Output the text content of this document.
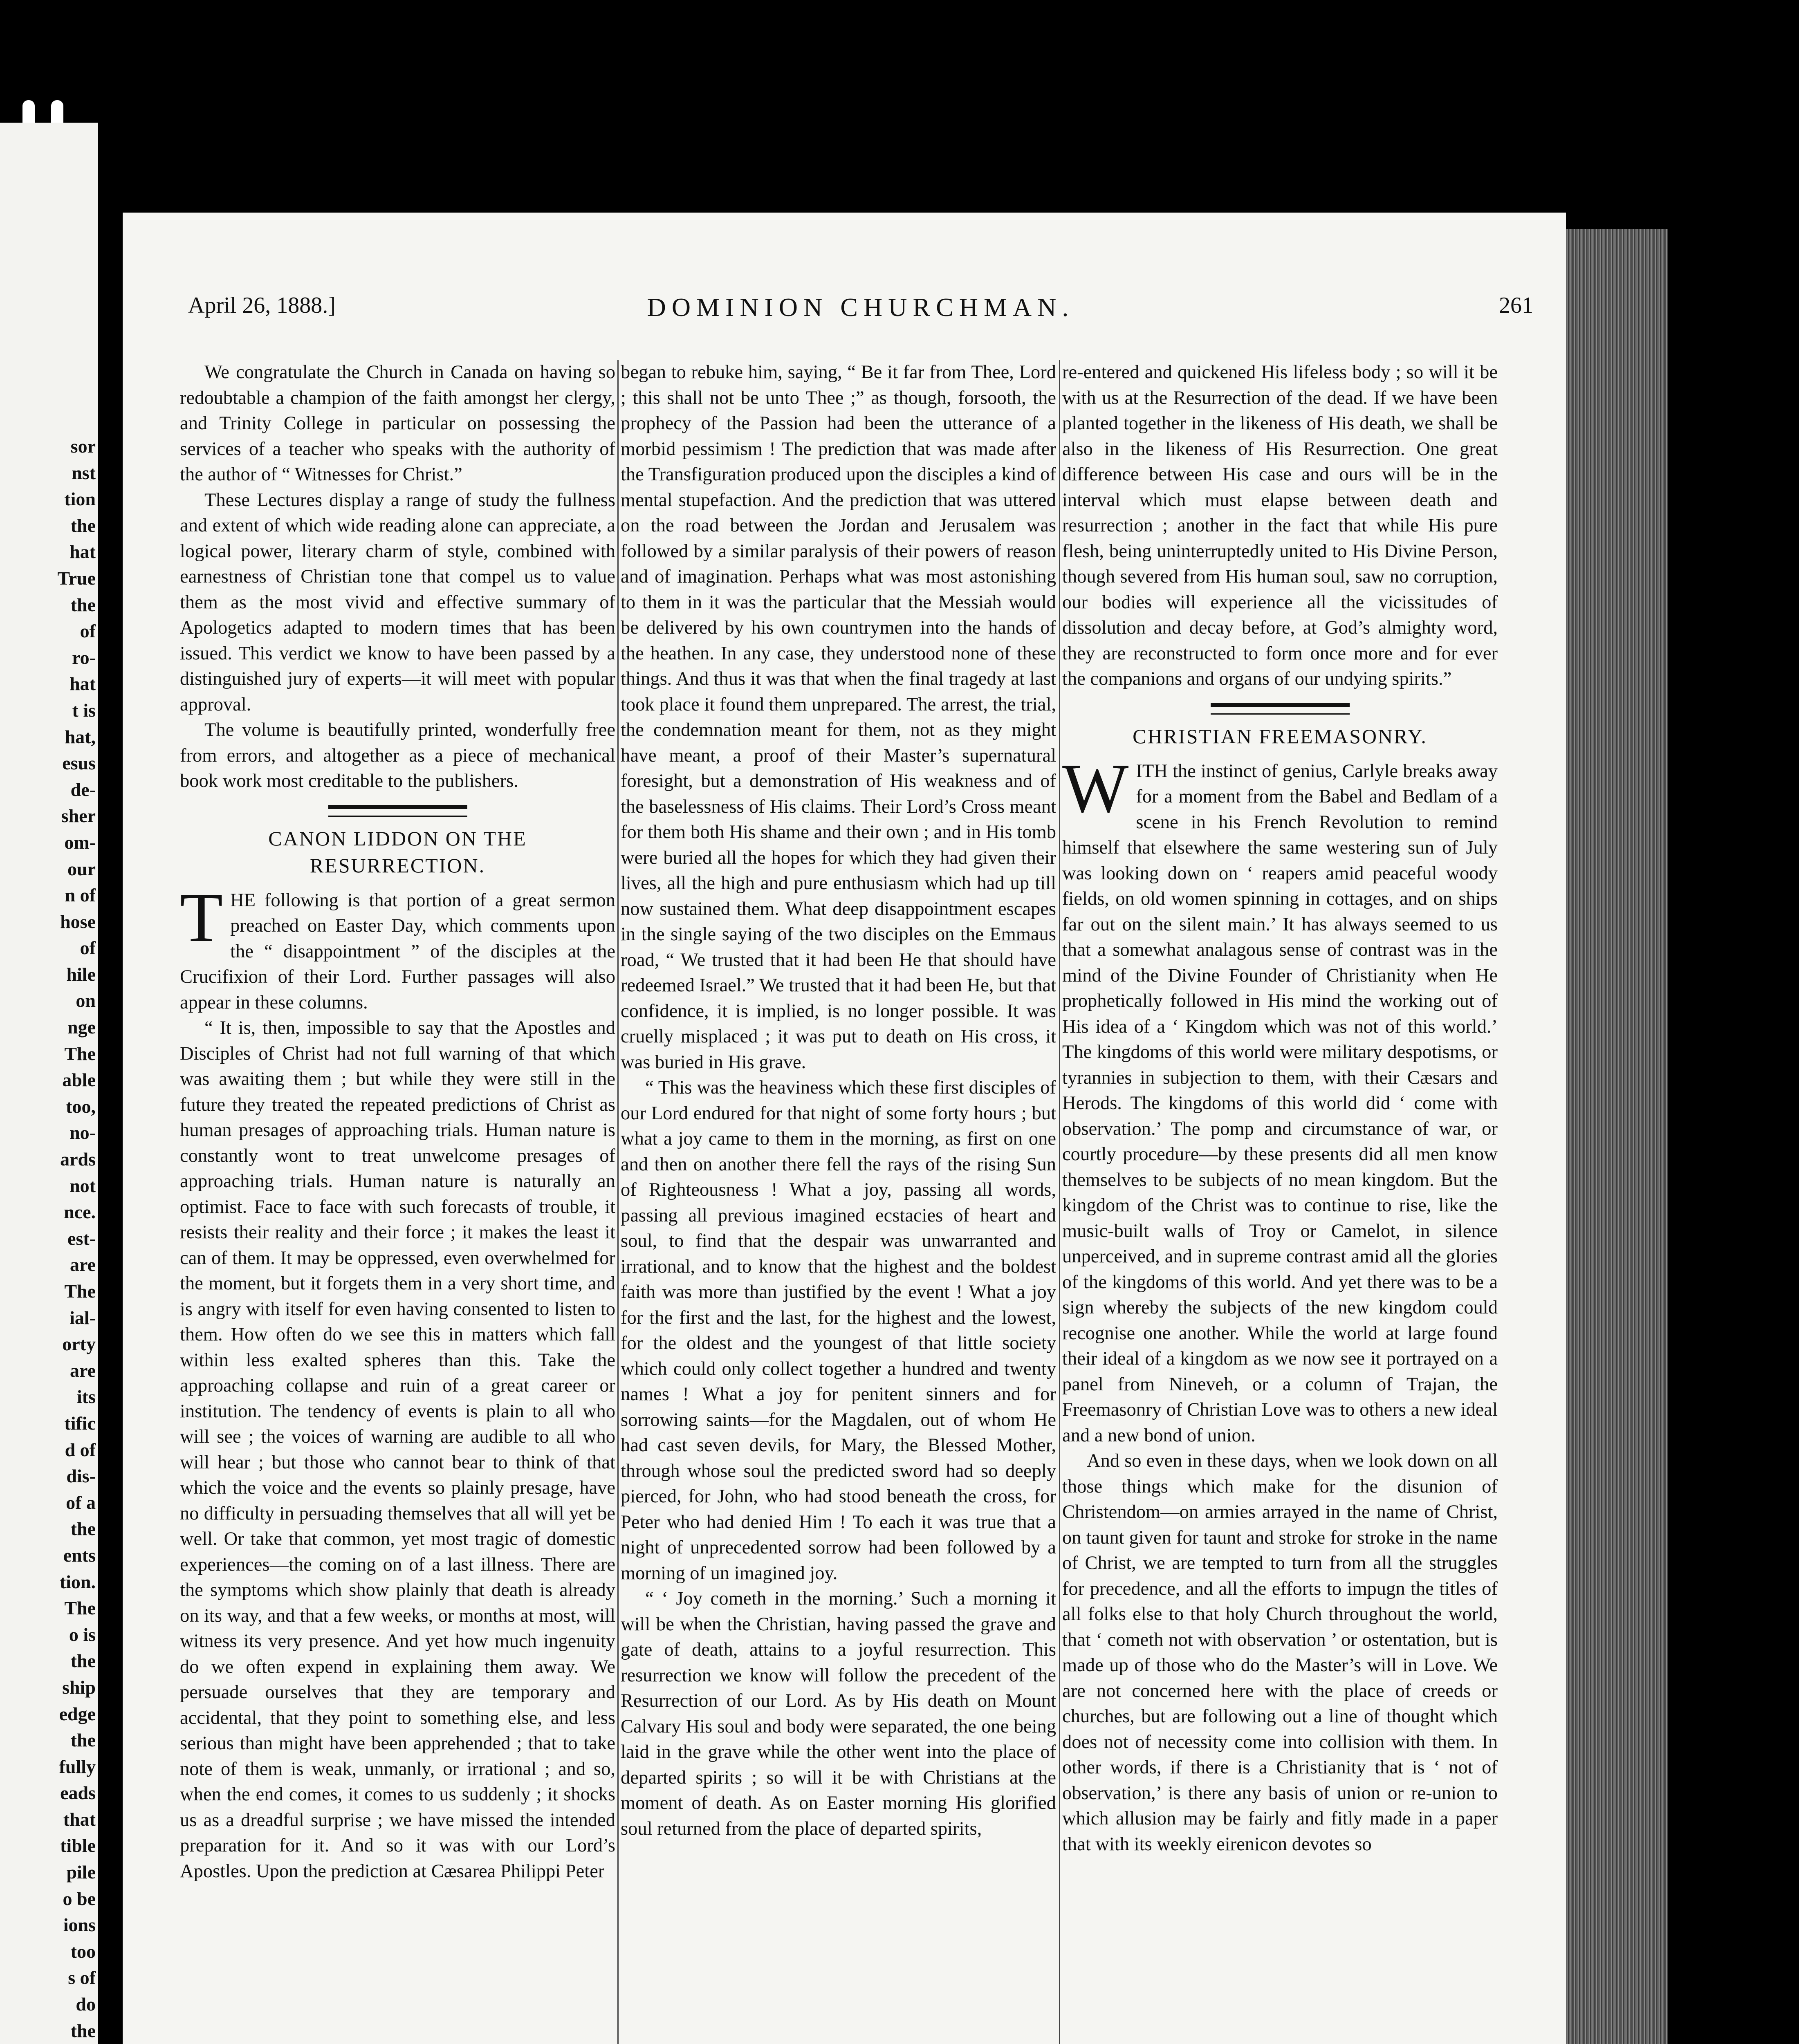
sor
nst
tion
the
hat
True
the
of
ro-
hat
t is
hat,
esus
de-
sher
om-
our
n of
hose
of
hile
on
nge
The
able
too,
no-
ards
not
nce.
est-
are
The
ial-
orty
are
its
tific
d of
dis-
of a
the
ents
tion.
The
o is
the
ship
edge
the
fully
eads
that
tible
pile
o be
ions
too
s of
do
the
DOMINION CHURCHMAN.
April 26, 1888.]	261

We congratulate the Church in Canada on having so redoubtable a champion of the faith amongst her clergy, and Trinity College in particular on possessing the services of a teacher who speaks with the authority of the author of “ Witnesses for Christ.”

These Lectures display a range of study the fullness and extent of which wide reading alone can appreciate, a logical power, literary charm of style, combined with earnestness of Christian tone that compel us to value them as the most vivid and effective summary of Apologetics adapted to modern times that has been issued. This verdict we know to have been passed by a distinguished jury of experts—it will meet with popular approval.

The volume is beautifully printed, wonderfully free from errors, and altogether as a piece of mechanical book work most creditable to the publishers.

CANON LIDDON ON THE RESURRECTION.

THE following is that portion of a great sermon preached on Easter Day, which comments upon the “ disappointment ” of the disciples at the Crucifixion of their Lord. Further passages will also appear in these columns.

“ It is, then, impossible to say that the Apostles and Disciples of Christ had not full warning of that which was awaiting them ; but while they were still in the future they treated the repeated predictions of Christ as human presages of approaching trials. Human nature is constantly wont to treat unwelcome presages of approaching trials. Human nature is naturally an optimist. Face to face with such forecasts of trouble, it resists their reality and their force ; it makes the least it can of them. It may be oppressed, even overwhelmed for the moment, but it forgets them in a very short time, and is angry with itself for even having consented to listen to them. How often do we see this in matters which fall within less exalted spheres than this. Take the approaching collapse and ruin of a great career or institution. The tendency of events is plain to all who will see ; the voices of warning are audible to all who will hear ; but those who cannot bear to think of that which the voice and the events so plainly presage, have no difficulty in persuading themselves that all will yet be well. Or take that common, yet most tragic of domestic experiences—the coming on of a last illness. There are the symptoms which show plainly that death is already on its way, and that a few weeks, or months at most, will witness its very presence. And yet how much ingenuity do we often expend in explaining them away. We persuade ourselves that they are temporary and accidental, that they point to something else, and less serious than might have been apprehended ; that to take note of them is weak, unmanly, or irrational ; and so, when the end comes, it comes to us suddenly ; it shocks us as a dreadful surprise ; we have missed the intended preparation for it. And so it was with our Lord’s Apostles. Upon the prediction at Cæsarea Philippi Peter

began to rebuke him, saying, “ Be it far from Thee, Lord ; this shall not be unto Thee ;” as though, forsooth, the prophecy of the Passion had been the utterance of a morbid pessimism ! The prediction that was made after the Transfiguration produced upon the disciples a kind of mental stupefaction. And the prediction that was uttered on the road between the Jordan and Jerusalem was followed by a similar paralysis of their powers of reason and of imagination. Perhaps what was most astonishing to them in it was the particular that the Messiah would be delivered by his own countrymen into the hands of the heathen. In any case, they understood none of these things. And thus it was that when the final tragedy at last took place it found them unprepared. The arrest, the trial, the condemnation meant for them, not as they might have meant, a proof of their Master’s supernatural foresight, but a demonstration of His weakness and of the baselessness of His claims. Their Lord’s Cross meant for them both His shame and their own ; and in His tomb were buried all the hopes for which they had given their lives, all the high and pure enthusiasm which had up till now sustained them. What deep disappointment escapes in the single saying of the two disciples on the Emmaus road, “ We trusted that it had been He that should have redeemed Israel.” We trusted that it had been He, but that confidence, it is implied, is no longer possible. It was cruelly misplaced ; it was put to death on His cross, it was buried in His grave.

“ This was the heaviness which these first disciples of our Lord endured for that night of some forty hours ; but what a joy came to them in the morning, as first on one and then on another there fell the rays of the rising Sun of Righteousness ! What a joy, passing all words, passing all previous imagined ecstacies of heart and soul, to find that the despair was unwarranted and irrational, and to know that the highest and the boldest faith was more than justified by the event ! What a joy for the first and the last, for the highest and the lowest, for the oldest and the youngest of that little society which could only collect together a hundred and twenty names ! What a joy for penitent sinners and for sorrowing saints—for the Magdalen, out of whom He had cast seven devils, for Mary, the Blessed Mother, through whose soul the predicted sword had so deeply pierced, for John, who had stood beneath the cross, for Peter who had denied Him ! To each it was true that a night of unprecedented sorrow had been followed by a morning of un imagined joy.

“ ‘ Joy cometh in the morning.’ Such a morning it will be when the Christian, having passed the grave and gate of death, attains to a joyful resurrection. This resurrection we know will follow the precedent of the Resurrection of our Lord. As by His death on Mount Calvary His soul and body were separated, the one being laid in the grave while the other went into the place of departed spirits ; so will it be with Christians at the moment of death. As on Easter morning His glorified soul returned from the place of departed spirits,

re-entered and quickened His lifeless body ; so will it be with us at the Resurrection of the dead. If we have been planted together in the likeness of His death, we shall be also in the likeness of His Resurrection. One great difference between His case and ours will be in the interval which must elapse between death and resurrection ; another in the fact that while His pure flesh, being uninterruptedly united to His Divine Person, though severed from His human soul, saw no corruption, our bodies will experience all the vicissitudes of dissolution and decay before, at God’s almighty word, they are reconstructed to form once more and for ever the companions and organs of our undying spirits.”

CHRISTIAN FREEMASONRY.

WITH the instinct of genius, Carlyle breaks away for a moment from the Babel and Bedlam of a scene in his French Revolution to remind himself that elsewhere the same westering sun of July was looking down on ‘ reapers amid peaceful woody fields, on old women spinning in cottages, and on ships far out on the silent main.’ It has always seemed to us that a somewhat analagous sense of contrast was in the mind of the Divine Founder of Christianity when He prophetically followed in His mind the working out of His idea of a ‘ Kingdom which was not of this world.’ The kingdoms of this world were military despotisms, or tyrannies in subjection to them, with their Cæsars and Herods. The kingdoms of this world did ‘ come with observation.’ The pomp and circumstance of war, or courtly procedure—by these presents did all men know themselves to be subjects of no mean kingdom. But the kingdom of the Christ was to continue to rise, like the music-built walls of Troy or Camelot, in silence unperceived, and in supreme contrast amid all the glories of the kingdoms of this world. And yet there was to be a sign whereby the subjects of the new kingdom could recognise one another. While the world at large found their ideal of a kingdom as we now see it portrayed on a panel from Nineveh, or a column of Trajan, the Freemasonry of Christian Love was to others a new ideal and a new bond of union.

And so even in these days, when we look down on all those things which make for the disunion of Christendom—on armies arrayed in the name of Christ, on taunt given for taunt and stroke for stroke in the name of Christ, we are tempted to turn from all the struggles for precedence, and all the efforts to impugn the titles of all folks else to that holy Church throughout the world, that ‘ cometh not with observation ’ or ostentation, but is made up of those who do the Master’s will in Love. We are not concerned here with the place of creeds or churches, but are following out a line of thought which does not of necessity come into collision with them. In other words, if there is a Christianity that is ‘ not of observation,’ is there any basis of union or re-union to which allusion may be fairly and fitly made in a paper that with its weekly eirenicon devotes so
